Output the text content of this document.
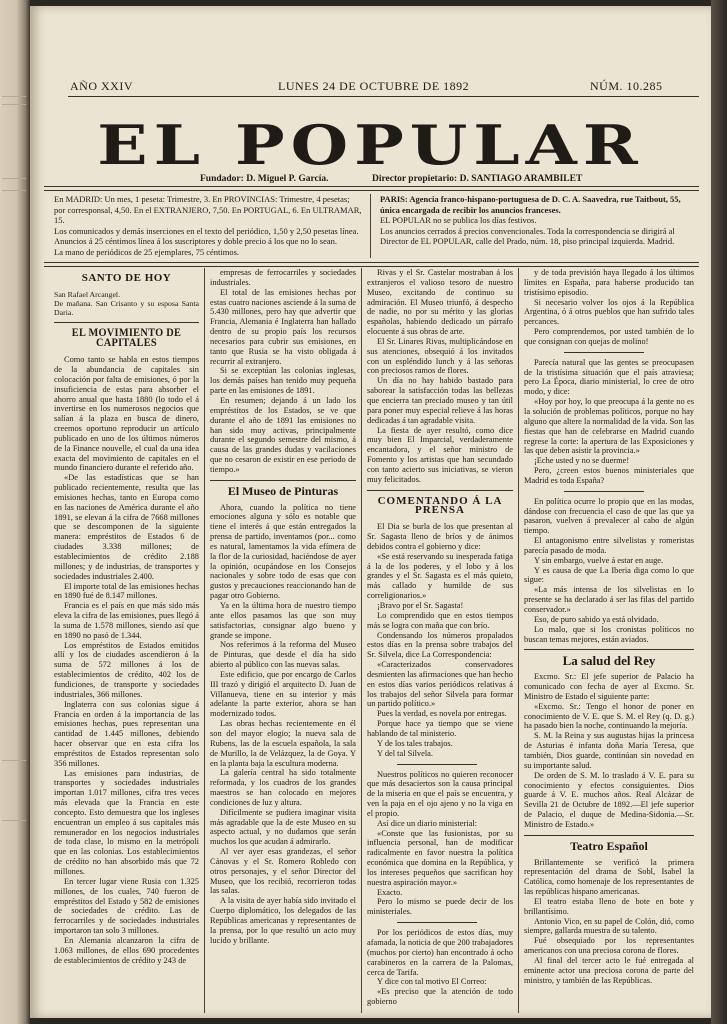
AÑO XXIV	LUNES 24 DE OCTUBRE DE 1892	NÚM. 10.285
EL POPULAR
Fundador: D. Miguel P. García.	Director propietario: D. SANTIAGO ARAMBILET
En MADRID: Un mes, 1 peseta: Trimestre, 3. En PROVINCIAS: Trimestre, 4 pesetas; por corresponsal, 4,50. En el EXTRANJERO, 7,50. En PORTUGAL, 6. En ULTRAMAR, 15.
Los comunicados y demás inserciones en el texto del periódico, 1,50 y 2,50 pesetas línea. Anuncios á 25 céntimos línea á los suscriptores y doble precio á los que no lo sean.
La mano de periódicos de 25 ejemplares, 75 céntimos.
PARIS: Agencia franco-hispano-portuguesa de D. C. A. Saavedra, rue Taitbout, 55, única encargada de recibir los anuncios franceses.
EL POPULAR no se publica los días festivos.
Los anuncios cerrados á precios convencionales. Toda la correspondencia se dirigirá al Director de EL POPULAR, calle del Prado, núm. 18, piso principal izquierda. Madrid.
SANTO DE HOY
San Rafael Arcangel.
De mañana. San Crisanto y su esposa Santa Daria.
EL MOVIMIENTO DE CAPITALES

Como tanto se habla en estos tiempos de la abundancia de capitales sin colocación por falta de emisiones, ó por la insuficiencia de estas para absorber el ahorro anual que hasta 1880 (lo todo el á invertirse en los numerosos negocios que salían á la plaza en busca de dinero, creemos oportuno reproducir un artículo publicado en uno de los últimos números de la Finance nouvelle, el cual da una idea exacta del movimiento de capitales en el mundo financiero durante el referido año.

«De las estadísticas que se han publicado recientemente, resulta que las emisiones hechas, tanto en Europa como en las naciones de América durante el año 1891, se elevan á la cifra de 7668 millones que se descomponen de la siguiente manera: empréstitos de Estados 6 de ciudades 3.338 millones; de establecimientos de crédito 2.188 millones; y de industrias, de transportes y sociedades industriales 2.400.

El importe total de las emisiones hechas en 1890 fué de 8.147 millones.

Francia es el país en que más sido más eleva la cifra de las emisiones, pues llegó á la suma de 1.578 millones, siendo así que en 1890 no pasó de 1.344.

Los empréstitos de Estados emitidos allí y los de ciudades ascendieron á la suma de 572 millones á los de establecimientos de crédito, 402 los de fundiciones, de transporte y sociedades industriales, 366 millones.

Inglaterra con sus colonias sigue á Francia en orden á la importancia de las emisiones hechas, pues representan una cantidad de 1.445 millones, debiendo hacer observar que en esta cifra los empréstitos de Estados representan solo 356 millones.

Las emisiones para industrias, de transportes y sociedades industriales importan 1.017 millones, cifra tres veces más elevada que la Francia en este concepto. Esto demuestra que los ingleses encuentran un empleo á sus capitales más remunerador en los negocios industriales de toda clase, lo mismo en la metrópoli que en las colonias. Los establecimientos de crédito no han absorbido más que 72 millones.

En tercer lugar viene Rusia con 1.325 millones, de los cuales, 740 fueron de empréstitos del Estado y 582 de emisiones de sociedades de crédito. Las de ferrocarriles y de sociedades industriales importaron tan solo 3 millones.

En Alemania alcanzaron la cifra de 1.063 millones, de ellos 690 procedentes de establecimientos de crédito y 243 de

empresas de ferrocarriles y sociedades industriales.

El total de las emisiones hechas por estas cuatro naciones asciende á la suma de 5.430 millones, pero hay que advertir que Francia, Alemania é Inglaterra han hallado dentro de su propio país los recursos necesarios para cubrir sus emisiones, en tanto que Rusia se ha visto obligada á recurrir al extranjero.

Si se exceptúan las colonias inglesas, los demás países han tenido muy pequeña parte en las emisiones de 1891.

En resumen; dejando á un lado los empréstitos de los Estados, se ve que durante el año de 1891 las emisiones no han sido muy activas, principalmente durante el segundo semestre del mismo, á causa de las grandes dudas y vacilaciones que no cesaron de existir en ese periodo de tiempo.»

El Museo de Pinturas

Ahora, cuando la política no tiene emociones alguna y sólo es notable que tiene el interés á que están entregados la prensa de partido, inventamos (por... como es natural, lamentamos la vida efímera de la flor de la curiosidad, haciéndose de ayer la opinión, ocupándose en los Consejos nacionales y sobre todo de esas que con gustos y precauciones reaccionando han de pagar otro Gobierno.

Ya en la última hora de nuestro tiempo ante ellos pasamos las que son muy satisfactorias, consignar algo bueno y grande se impone.

Nos referimos á la reforma del Museo de Pinturas, que desde el día ha sido abierto al público con las nuevas salas.

Este edificio, que por encargo de Carlos III trazó y dirigió el arquitecto D. Juan de Villanueva, tiene en su interior y más adelante la parte exterior, ahora se han modernizado todos.

Las obras hechas recientemente en él son del mayor elogio; la nueva sala de Rubens, las de la escuela española, la sala de Murillo, la de Velázquez, la de Goya. Y en la planta baja la escultura moderna.

La galería central ha sido totalmente reformada, y los cuadros de los grandes maestros se han colocado en mejores condiciones de luz y altura.

Difícilmente se pudiera imaginar visita más agradable que la de este Museo en su aspecto actual, y no dudamos que serán muchos los que acudan á admirarlo.

Al ver ayer esas grandezas, el señor Cánovas y el Sr. Romero Robledo con otros personajes, y el señor Director del Museo, que los recibió, recorrieron todas las salas.

A la visita de ayer había sido invitado el Cuerpo diplomático, los delegados de las Repúblicas americanas y representantes de la prensa, por lo que resultó un acto muy lucido y brillante.

Rivas y el Sr. Castelar mostraban á los extranjeros el valioso tesoro de nuestro Museo, excitando de continuo su admiración. El Museo triunfó, á despecho de nadie, no por su mérito y las glorias españolas, habiendo dedicado un párrafo elocuente á sus obras de arte.

El Sr. Linares Rivas, multiplicándose en sus atenciones, obsequió á los invitados con un espléndido lunch y á las señoras con preciosos ramos de flores.

Un día no hay habido bastado para saborear la satisfacción todas las bellezas que encierra tan preciado museo y tan útil para poner muy especial relieve á las horas dedicadas á tan agradable visita.

La fiesta de ayer resultó, como dice muy bien El Imparcial, verdaderamente encantadora, y el señor ministro de Fomento y los artistas que han secundado con tanto acierto sus iniciativas, se vieron muy felicitados.

COMENTANDO Á LA PRENSA

El Dia se burla de los que presentan al Sr. Sagasta lleno de bríos y de ánimos debidos contra el gobierno y dice:

«Se está reservando su inesperada fatiga á la de los poderes, y el lobo y á los grandes y el Sr. Sagasta es el más quieto, más callado y humilde de sus correligionarios.»

¡Bravo por el Sr. Sagasta!

Lo comprendido que en estos tiempos más se logra con maña que con brío.

Condensando los números propalados estos días en la prensa sobre trabajos del Sr. Silvela, dice La Correspondencia:

«Caracterizados conservadores desmienten las afirmaciones que han hecho en estos días varios periódicos relativas á los trabajos del señor Silvela para formar un partido político.»

Pues la verdad, es novela por entregas.

Porque hace ya tiempo que se viene hablando de tal ministerio.

Y de los tales trabajos.

Y del tal Silvela.

Nuestros políticos no quieren reconocer que más desaciertos son la causa principal de la miseria en que el país se encuentra, y ven la paja en el ojo ajeno y no la viga en el propio.

Así dice un diario ministerial:

«Conste que las fusionistas, por su influencia personal, han de modificar radicalmente en favor nuestra la política económica que domina en la República, y los intereses pequeños que sacrifican hoy nuestra aspiración mayor.»

Exacto.

Pero lo mismo se puede decir de los ministeriales.

Por los periódicos de estos días, muy afamada, la noticia de que 200 trabajadores (muchos por cierto) han encontrado á ocho carabineros en la carrera de la Palomas, cerca de Tarifa.

Y dice con tal motivo El Correo:

«Es preciso que la atención de todo gobierno

y de toda previsión haya llegado á los últimos límites en España, para haberse producido tan tristísimo episodio.

Si necesario volver los ojos á la República Argentina, ó á otros pueblos que han sufrido tales percances.

Pero comprendemos, por usted también de lo que consignan con quejas de molino!

Parecía natural que las gentes se preocupasen de la tristísima situación que el país atraviesa; pero La Época, diario ministerial, lo cree de otro modo, y dice:

«Hoy por hoy, lo que preocupa á la gente no es la solución de problemas políticos, porque no hay alguno que altere la normalidad de la vida. Son las fiestas que han de celebrarse en Madrid cuando regrese la corte: la apertura de las Exposiciones y las que deben asistir la provincia.»

¡Eche usted y no se duerme!

Pero, ¿creen estos buenos ministeriales que Madrid es toda España?

En política ocurre lo propio que en las modas, dándose con frecuencia el caso de que las que ya pasaron, vuelven á prevalecer al cabo de algún tiempo.

El antagonismo entre silvelistas y romeristas parecía pasado de moda.

Y sin embargo, vuelve á estar en auge.

Y es causa de que La Iberia diga como lo que sigue:

«La más intensa de los silvelistas en lo presente se ha declarado á ser las filas del partido conservador.»

Eso, de puro sabido ya está olvidado.

Lo malo, que si los cronistas políticos no buscan temas mejores, están aviados.

La salud del Rey

Excmo. Sr.: El jefe superior de Palacio ha comunicado con fecha de ayer al Excmo. Sr. Ministro de Estado el siguiente parte:

«Excmo. Sr.: Tengo el honor de poner en conocimiento de V. E. que S. M. el Rey (q. D. g.) ha pasado bien la noche, continuando la mejoría.

S. M. la Reina y sus augustas hijas la princesa de Asturias é infanta doña María Teresa, que también, Dios guarde, continúan sin novedad en su importante salud.

De orden de S. M. lo traslado á V. E. para su conocimiento y efectos consiguientes. Dios guarde á V. E. muchos años. Real Alcázar de Sevilla 21 de Octubre de 1892.—El jefe superior de Palacio, el duque de Medina-Sidonia.—Sr. Ministro de Estado.»

Teatro Español

Brillantemente se verificó la primera representación del drama de Sobl, Isabel la Católica, como homenaje de los representantes de las repúblicas hispano americanas.

El teatro estaba lleno de bote en bote y brillantísimo.

Antonio Vico, en su papel de Colón, dió, como siempre, gallarda muestra de su talento.

Fué obsequiado por los representantes americanos con una preciosa corona de flores.

Al final del tercer acto le fué entregada al eminente actor una preciosa corona de parte del ministro, y también de las Repúblicas.
